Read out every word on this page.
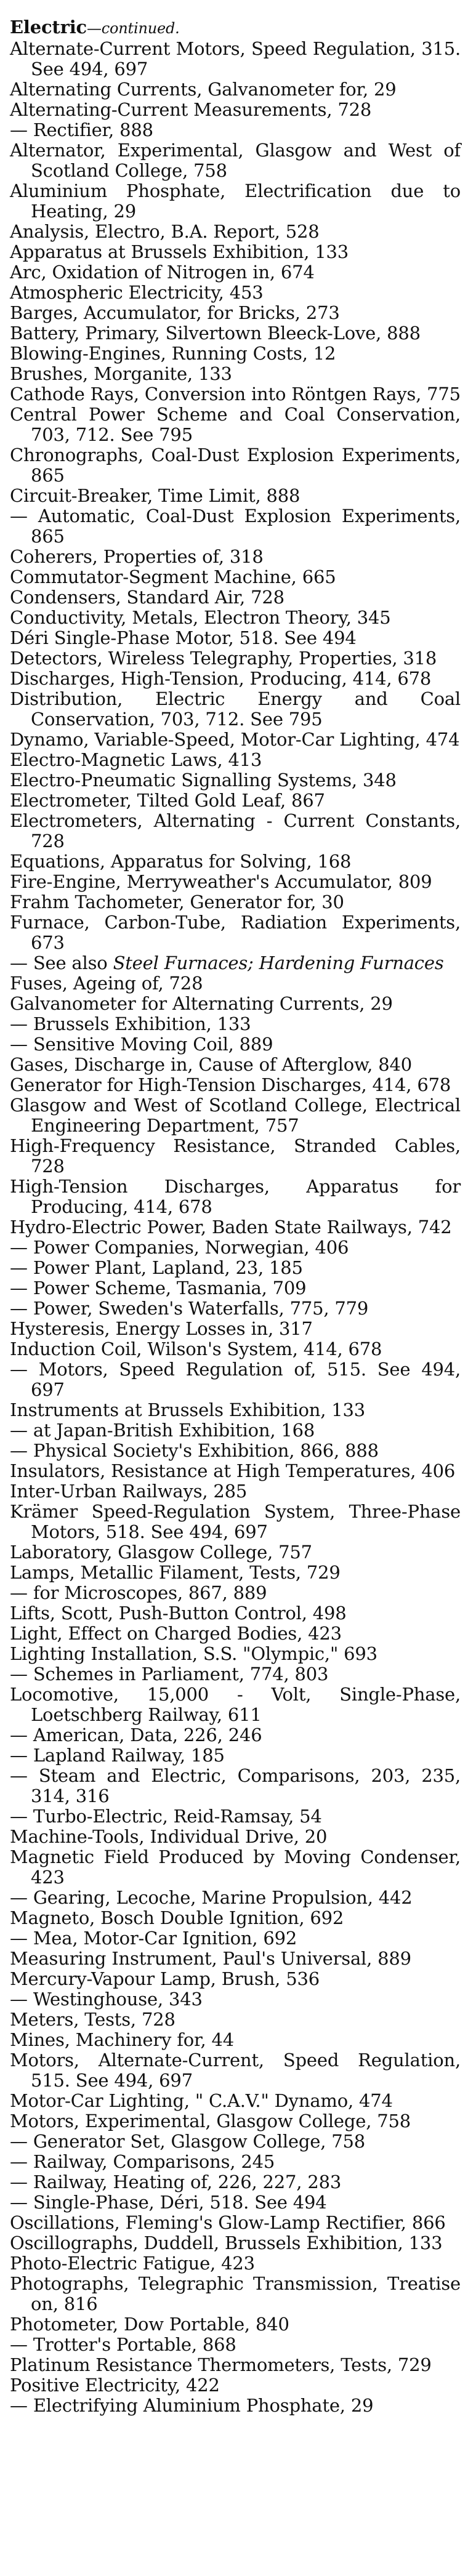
Electric—continued.
Alternate-Current Motors, Speed Regulation, 315. See 494, 697
Alternating Currents, Galvanometer for, 29
Alternating-Current Measurements, 728
— Rectifier, 888
Alternator, Experimental, Glasgow and West of Scotland College, 758
Aluminium Phosphate, Electrification due to Heating, 29
Analysis, Electro, B.A. Report, 528
Apparatus at Brussels Exhibition, 133
Arc, Oxidation of Nitrogen in, 674
Atmospheric Electricity, 453
Barges, Accumulator, for Bricks, 273
Battery, Primary, Silvertown Bleeck-Love, 888
Blowing-Engines, Running Costs, 12
Brushes, Morganite, 133
Cathode Rays, Conversion into Röntgen Rays, 775
Central Power Scheme and Coal Conservation, 703, 712. See 795
Chronographs, Coal-Dust Explosion Experiments, 865
Circuit-Breaker, Time Limit, 888
— Automatic, Coal-Dust Explosion Experiments, 865
Coherers, Properties of, 318
Commutator-Segment Machine, 665
Condensers, Standard Air, 728
Conductivity, Metals, Electron Theory, 345
Déri Single-Phase Motor, 518. See 494
Detectors, Wireless Telegraphy, Properties, 318
Discharges, High-Tension, Producing, 414, 678
Distribution, Electric Energy and Coal Conservation, 703, 712. See 795
Dynamo, Variable-Speed, Motor-Car Lighting, 474
Electro-Magnetic Laws, 413
Electro-Pneumatic Signalling Systems, 348
Electrometer, Tilted Gold Leaf, 867
Electrometers, Alternating - Current Constants, 728
Equations, Apparatus for Solving, 168
Fire-Engine, Merryweather's Accumulator, 809
Frahm Tachometer, Generator for, 30
Furnace, Carbon-Tube, Radiation Experiments, 673
— See also Steel Furnaces; Hardening Furnaces
Fuses, Ageing of, 728
Galvanometer for Alternating Currents, 29
— Brussels Exhibition, 133
— Sensitive Moving Coil, 889
Gases, Discharge in, Cause of Afterglow, 840
Generator for High-Tension Discharges, 414, 678
Glasgow and West of Scotland College, Electrical Engineering Department, 757
High-Frequency Resistance, Stranded Cables, 728
High-Tension Discharges, Apparatus for Producing, 414, 678
Hydro-Electric Power, Baden State Railways, 742
— Power Companies, Norwegian, 406
— Power Plant, Lapland, 23, 185
— Power Scheme, Tasmania, 709
— Power, Sweden's Waterfalls, 775, 779
Hysteresis, Energy Losses in, 317
Induction Coil, Wilson's System, 414, 678
— Motors, Speed Regulation of, 515. See 494, 697
Instruments at Brussels Exhibition, 133
— at Japan-British Exhibition, 168
— Physical Society's Exhibition, 866, 888
Insulators, Resistance at High Temperatures, 406
Inter-Urban Railways, 285
Krämer Speed-Regulation System, Three-Phase Motors, 518. See 494, 697
Laboratory, Glasgow College, 757
Lamps, Metallic Filament, Tests, 729
— for Microscopes, 867, 889
Lifts, Scott, Push-Button Control, 498
Light, Effect on Charged Bodies, 423
Lighting Installation, S.S. "Olympic," 693
— Schemes in Parliament, 774, 803
Locomotive, 15,000 - Volt, Single-Phase, Loetschberg Railway, 611
— American, Data, 226, 246
— Lapland Railway, 185
— Steam and Electric, Comparisons, 203, 235, 314, 316
— Turbo-Electric, Reid-Ramsay, 54
Machine-Tools, Individual Drive, 20
Magnetic Field Produced by Moving Condenser, 423
— Gearing, Lecoche, Marine Propulsion, 442
Magneto, Bosch Double Ignition, 692
— Mea, Motor-Car Ignition, 692
Measuring Instrument, Paul's Universal, 889
Mercury-Vapour Lamp, Brush, 536
— Westinghouse, 343
Meters, Tests, 728
Mines, Machinery for, 44
Motors, Alternate-Current, Speed Regulation, 515. See 494, 697
Motor-Car Lighting, " C.A.V." Dynamo, 474
Motors, Experimental, Glasgow College, 758
— Generator Set, Glasgow College, 758
— Railway, Comparisons, 245
— Railway, Heating of, 226, 227, 283
— Single-Phase, Déri, 518. See 494
Oscillations, Fleming's Glow-Lamp Rectifier, 866
Oscillographs, Duddell, Brussels Exhibition, 133
Photo-Electric Fatigue, 423
Photographs, Telegraphic Transmission, Treatise on, 816
Photometer, Dow Portable, 840
— Trotter's Portable, 868
Platinum Resistance Thermometers, Tests, 729
Positive Electricity, 422
— Electrifying Aluminium Phosphate, 29
